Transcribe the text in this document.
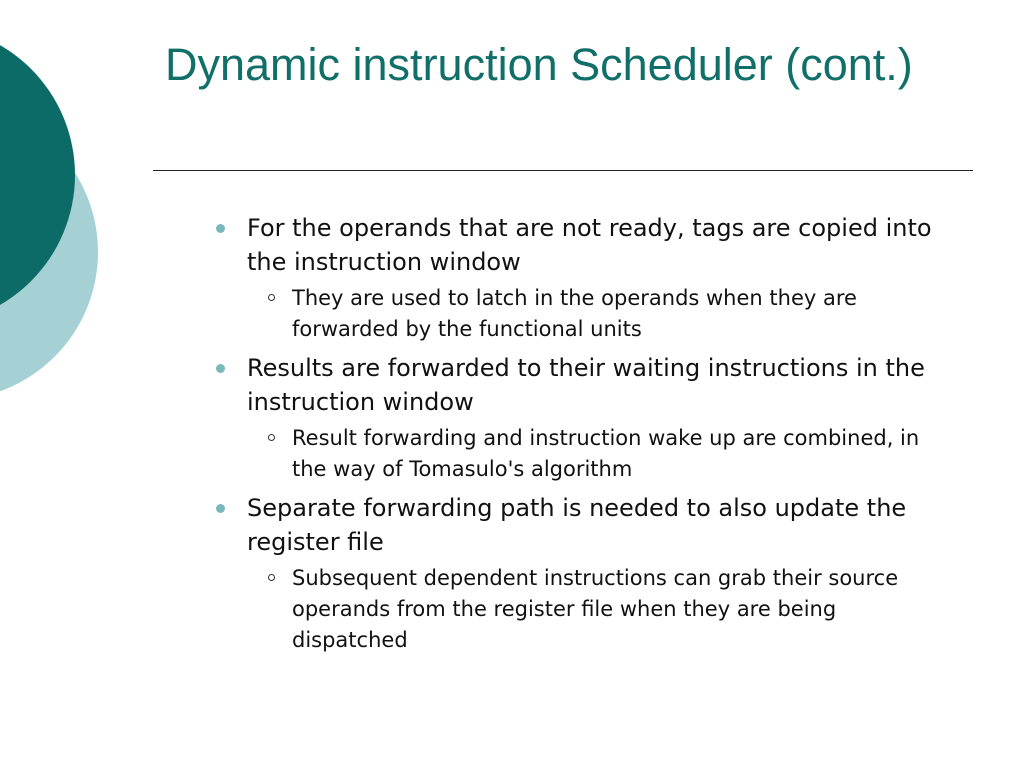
Dynamic instruction Scheduler (cont.)
For the operands that are not ready, tags are copied into the instruction window
They are used to latch in the operands when they are forwarded by the functional units
Results are forwarded to their waiting instructions in the instruction window
Result forwarding and instruction wake up are combined, in the way of Tomasulo's algorithm
Separate forwarding path is needed to also update the register file
Subsequent dependent instructions can grab their source operands from the register file when they are being dispatched
